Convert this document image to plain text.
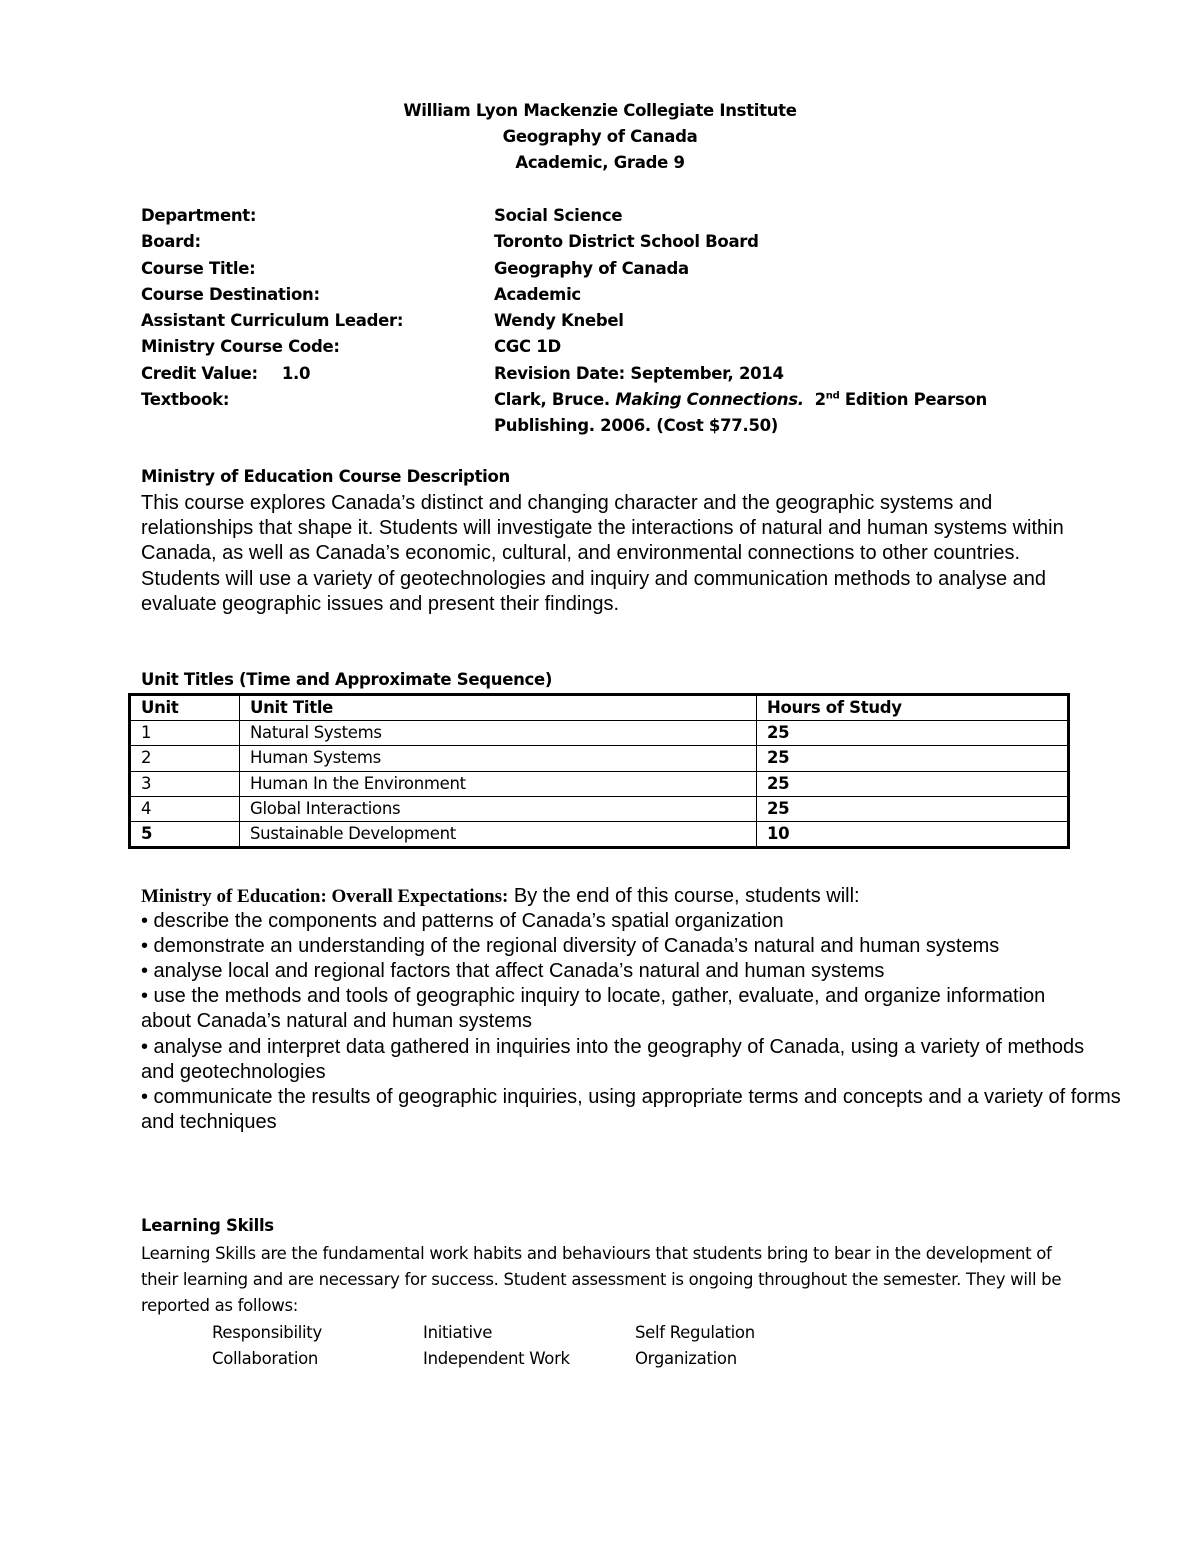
William Lyon Mackenzie Collegiate Institute
Geography of Canada
Academic, Grade 9
Department:	Social Science
Board:	Toronto District School Board
Course Title:	Geography of Canada
Course Destination:	Academic
Assistant Curriculum Leader:	Wendy Knebel
Ministry Course Code:	CGC 1D
Credit Value: 1.0	Revision Date: September, 2014
Textbook:	Clark, Bruce. Making Connections. 2nd Edition Pearson
Publishing. 2006. (Cost $77.50)
Ministry of Education Course Description
This course explores Canada’s distinct and changing character and the geographic systems and relationships that shape it. Students will investigate the interactions of natural and human systems within Canada, as well as Canada’s economic, cultural, and environmental connections to other countries. Students will use a variety of geotechnologies and inquiry and communication methods to analyse and evaluate geographic issues and present their findings.
Unit Titles (Time and Approximate Sequence)
Unit	Unit Title	Hours of Study
1	Natural Systems	25
2	Human Systems	25
3	Human In the Environment	25
4	Global Interactions	25
5	Sustainable Development	10
Ministry of Education: Overall Expectations: By the end of this course, students will:
• describe the components and patterns of Canada’s spatial organization
• demonstrate an understanding of the regional diversity of Canada’s natural and human systems
• analyse local and regional factors that affect Canada’s natural and human systems
• use the methods and tools of geographic inquiry to locate, gather, evaluate, and organize information about Canada’s natural and human systems
• analyse and interpret data gathered in inquiries into the geography of Canada, using a variety of methods and geotechnologies
• communicate the results of geographic inquiries, using appropriate terms and concepts and a variety of forms and techniques
Learning Skills
Learning Skills are the fundamental work habits and behaviours that students bring to bear in the development of their learning and are necessary for success. Student assessment is ongoing throughout the semester. They will be reported as follows:
Responsibility	Initiative	Self Regulation
Collaboration	Independent Work	Organization
